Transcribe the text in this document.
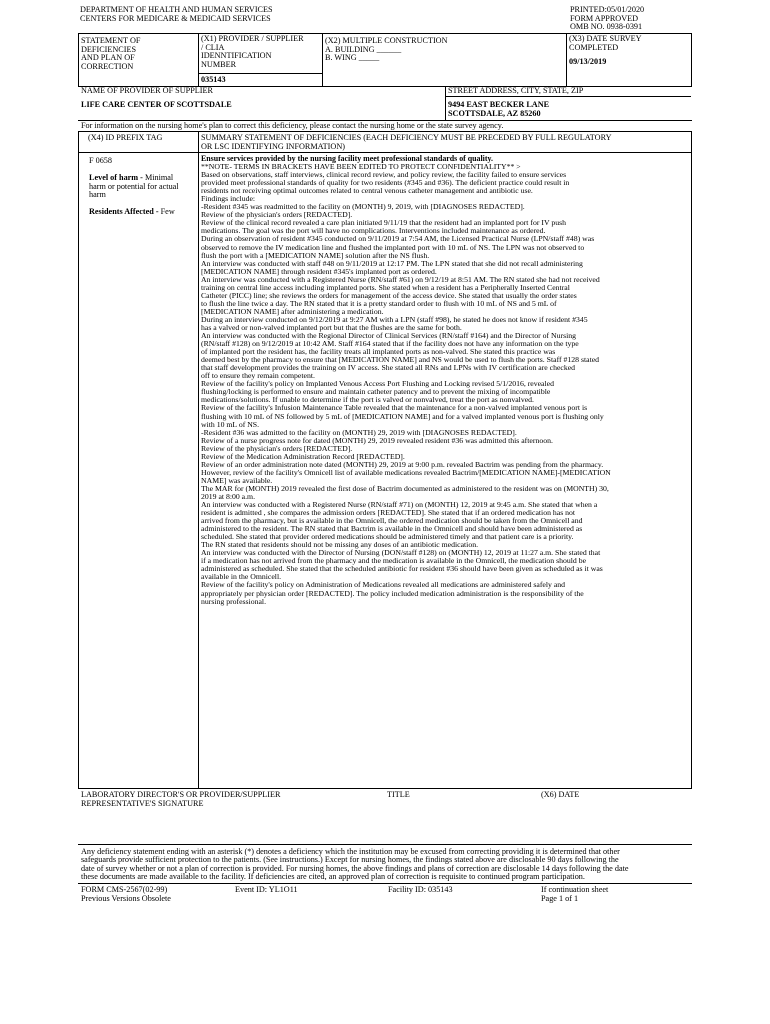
DEPARTMENT OF HEALTH AND HUMAN SERVICES
CENTERS FOR MEDICARE & MEDICAID SERVICES
PRINTED:05/01/2020
FORM APPROVED
OMB NO. 0938-0391
STATEMENT OF
DEFICIENCIES
AND PLAN OF
CORRECTION
(X1) PROVIDER / SUPPLIER
/ CLIA
IDENNTIFICATION
NUMBER
035143
(X2) MULTIPLE CONSTRUCTION
A. BUILDING ______
B. WING _____
(X3) DATE SURVEY
COMPLETED
09/13/2019
NAME OF PROVIDER OF SUPPLIER
LIFE CARE CENTER OF SCOTTSDALE
STREET ADDRESS, CITY, STATE, ZIP
9494 EAST BECKER LANE
SCOTTSDALE, AZ 85260
For information on the nursing home's plan to correct this deficiency, please contact the nursing home or the state survey agency.
(X4) ID PREFIX TAG	SUMMARY STATEMENT OF DEFICIENCIES (EACH DEFICIENCY MUST BE PRECEDED BY FULL REGULATORY
OR LSC IDENTIFYING INFORMATION)
F 0658
Level of harm - Minimal
harm or potential for actual
harm
Residents Affected - Few
Ensure services provided by the nursing facility meet professional standards of quality.
**NOTE- TERMS IN BRACKETS HAVE BEEN EDITED TO PROTECT CONFIDENTIALITY** >
Based on observations, staff interviews, clinical record review, and policy review, the facility failed to ensure services
provided meet professional standards of quality for two residents (#345 and #36). The deficient practice could result in
residents not receiving optimal outcomes related to central venous catheter management and antibiotic use.
Findings include:
-Resident #345 was readmitted to the facility on (MONTH) 9, 2019, with [DIAGNOSES REDACTED].
Review of the physician's orders [REDACTED].
Review of the clinical record revealed a care plan initiated 9/11/19 that the resident had an implanted port for IV push
medications. The goal was the port will have no complications. Interventions included maintenance as ordered.
During an observation of resident #345 conducted on 9/11/2019 at 7:54 AM, the Licensed Practical Nurse (LPN/staff #48) was
observed to remove the IV medication line and flushed the implanted port with 10 mL of NS. The LPN was not observed to
flush the port with a [MEDICATION NAME] solution after the NS flush.
An interview was conducted with staff #48 on 9/11/2019 at 12:17 PM. The LPN stated that she did not recall administering
[MEDICATION NAME] through resident #345's implanted port as ordered.
An interview was conducted with a Registered Nurse (RN/staff #61) on 9/12/19 at 8:51 AM. The RN stated she had not received
training on central line access including implanted ports. She stated when a resident has a Peripherally Inserted Central
Catheter (PICC) line; she reviews the orders for management of the access device. She stated that usually the order states
to flush the line twice a day. The RN stated that it is a pretty standard order to flush with 10 mL of NS and 5 mL of
[MEDICATION NAME] after administering a medication.
During an interview conducted on 9/12/2019 at 9:27 AM with a LPN (staff #98), he stated he does not know if resident #345
has a valved or non-valved implanted port but that the flushes are the same for both.
An interview was conducted with the Regional Director of Clinical Services (RN/staff #164) and the Director of Nursing
(RN/staff #128) on 9/12/2019 at 10:42 AM. Staff #164 stated that if the facility does not have any information on the type
of implanted port the resident has, the facility treats all implanted ports as non-valved. She stated this practice was
deemed best by the pharmacy to ensure that [MEDICATION NAME] and NS would be used to flush the ports. Staff #128 stated
that staff development provides the training on IV access. She stated all RNs and LPNs with IV certification are checked
off to ensure they remain competent.
Review of the facility's policy on Implanted Venous Access Port Flushing and Locking revised 5/1/2016, revealed
flushing/locking is performed to ensure and maintain catheter patency and to prevent the mixing of incompatible
medications/solutions. If unable to determine if the port is valved or nonvalved, treat the port as nonvalved.
Review of the facility's Infusion Maintenance Table revealed that the maintenance for a non-valved implanted venous port is
flushing with 10 mL of NS followed by 5 mL of [MEDICATION NAME] and for a valved implanted venous port is flushing only
with 10 mL of NS.
-Resident #36 was admitted to the facility on (MONTH) 29, 2019 with [DIAGNOSES REDACTED].
Review of a nurse progress note for dated (MONTH) 29, 2019 revealed resident #36 was admitted this afternoon.
Review of the physician's orders [REDACTED].
Review of the Medication Administration Record [REDACTED].
Review of an order administration note dated (MONTH) 29, 2019 at 9:00 p.m. revealed Bactrim was pending from the pharmacy.
However, review of the facility's Omnicell list of available medications revealed Bactrim/[MEDICATION NAME]-[MEDICATION
NAME] was available.
The MAR for (MONTH) 2019 revealed the first dose of Bactrim documented as administered to the resident was on (MONTH) 30,
2019 at 8:00 a.m.
An interview was conducted with a Registered Nurse (RN/staff #71) on (MONTH) 12, 2019 at 9:45 a.m. She stated that when a
resident is admitted , she compares the admission orders [REDACTED]. She stated that if an ordered medication has not
arrived from the pharmacy, but is available in the Omnicell, the ordered medication should be taken from the Omnicell and
administered to the resident. The RN stated that Bactrim is available in the Omnicell and should have been administered as
scheduled. She stated that provider ordered medications should be administered timely and that patient care is a priority.
The RN stated that residents should not be missing any doses of an antibiotic medication.
An interview was conducted with the Director of Nursing (DON/staff #128) on (MONTH) 12, 2019 at 11:27 a.m. She stated that
if a medication has not arrived from the pharmacy and the medication is available in the Omnicell, the medication should be
administered as scheduled. She stated that the scheduled antibiotic for resident #36 should have been given as scheduled as it was
available in the Omnicell.
Review of the facility's policy on Administration of Medications revealed all medications are administered safely and
appropriately per physician order [REDACTED]. The policy included medication administration is the responsibility of the
nursing professional.
LABORATORY DIRECTOR'S OR PROVIDER/SUPPLIER
REPRESENTATIVE'S SIGNATURE
TITLE	(X6) DATE
Any deficiency statement ending with an asterisk (*) denotes a deficiency which the institution may be excused from correcting providing it is determined that other
safeguards provide sufficient protection to the patients. (See instructions.) Except for nursing homes, the findings stated above are disclosable 90 days following the
date of survey whether or not a plan of correction is provided. For nursing homes, the above findings and plans of correction are disclosable 14 days following the date
these documents are made available to the facility. If deficiencies are cited, an approved plan of correction is requisite to continued program participation.
FORM CMS-2567(02-99)
Previous Versions Obsolete
Event ID: YL1O11	Facility ID: 035143	If continuation sheet
Page 1 of 1
